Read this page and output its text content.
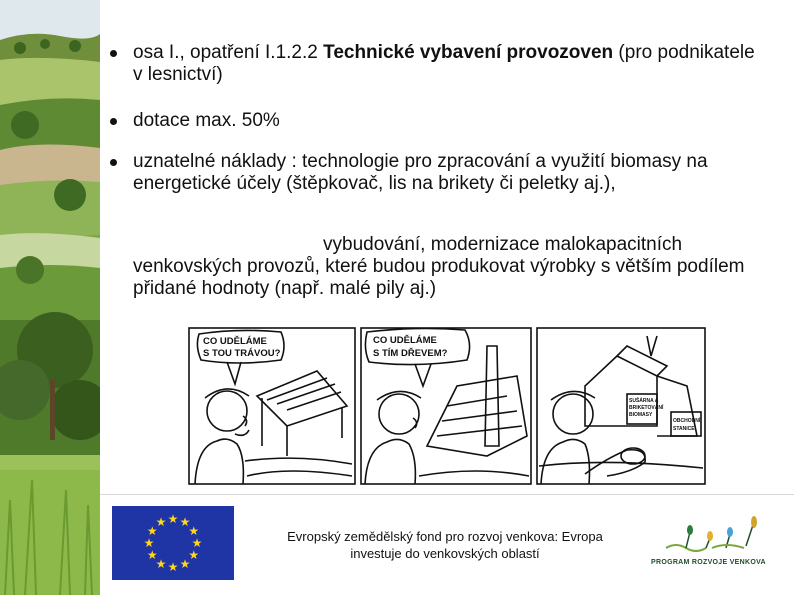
osa I., opatření I.1.2.2 Technické vybavení provozoven (pro podnikatele v lesnictví)
dotace max. 50%
uznatelné náklady : technologie pro zpracování a využití biomasy na energetické účely (štěpkovač, lis na brikety či peletky aj.),
vybudování, modernizace malokapacitních venkovských provozů, které budou produkovat výrobky s větším podílem přidané hodnoty (např. malé pily aj.)
CO UDĚLÁME
S TOU TRÁVOU?
CO UDĚLÁME
S TÍM DŘEVEM?
SUŠÁRNA A
BRIKETOVÁNÍ
BIOMASY
OBCHODNÍ
STANICE
★ ★
★
★
★
★
★
★
★
★
★
★
Evropský zemědělský fond pro rozvoj venkova: Evropa
investuje do venkovských oblastí
PROGRAM ROZVOJE VENKOVA
